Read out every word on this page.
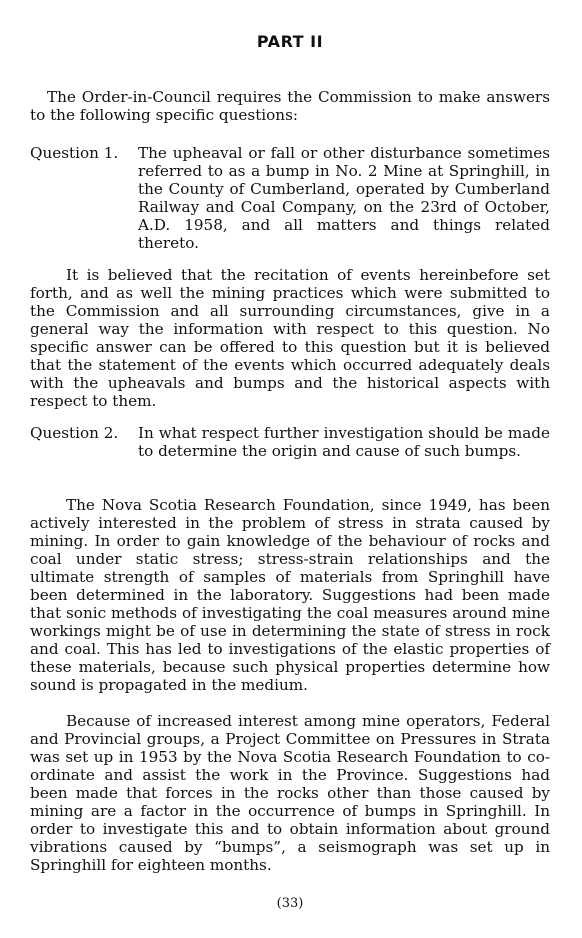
PART II

The Order-in-Council requires the Commission to make answers to the following specific questions:

Question 1. The upheaval or fall or other disturbance sometimes referred to as a bump in No. 2 Mine at Springhill, in the County of Cumberland, operated by Cumberland Railway and Coal Company, on the 23rd of October, A.D. 1958, and all matters and things related thereto.

It is believed that the recitation of events hereinbefore set forth, and as well the mining practices which were submitted to the Commission and all surrounding circumstances, give in a general way the information with respect to this question. No specific answer can be offered to this question but it is believed that the statement of the events which occurred adequately deals with the upheavals and bumps and the historical aspects with respect to them.

Question 2. In what respect further investigation should be made to determine the origin and cause of such bumps.

The Nova Scotia Research Foundation, since 1949, has been actively interested in the problem of stress in strata caused by mining. In order to gain knowledge of the behaviour of rocks and coal under static stress; stress-strain relationships and the ultimate strength of samples of materials from Springhill have been determined in the laboratory. Suggestions had been made that sonic methods of investigating the coal measures around mine workings might be of use in determining the state of stress in rock and coal. This has led to investigations of the elastic properties of these materials, because such physical properties determine how sound is propagated in the medium.

Because of increased interest among mine operators, Federal and Provincial groups, a Project Committee on Pressures in Strata was set up in 1953 by the Nova Scotia Research Foundation to co-ordinate and assist the work in the Province. Suggestions had been made that forces in the rocks other than those caused by mining are a factor in the occurrence of bumps in Springhill. In order to investigate this and to obtain information about ground vibrations caused by “bumps”, a seismograph was set up in Springhill for eighteen months.

(33)
